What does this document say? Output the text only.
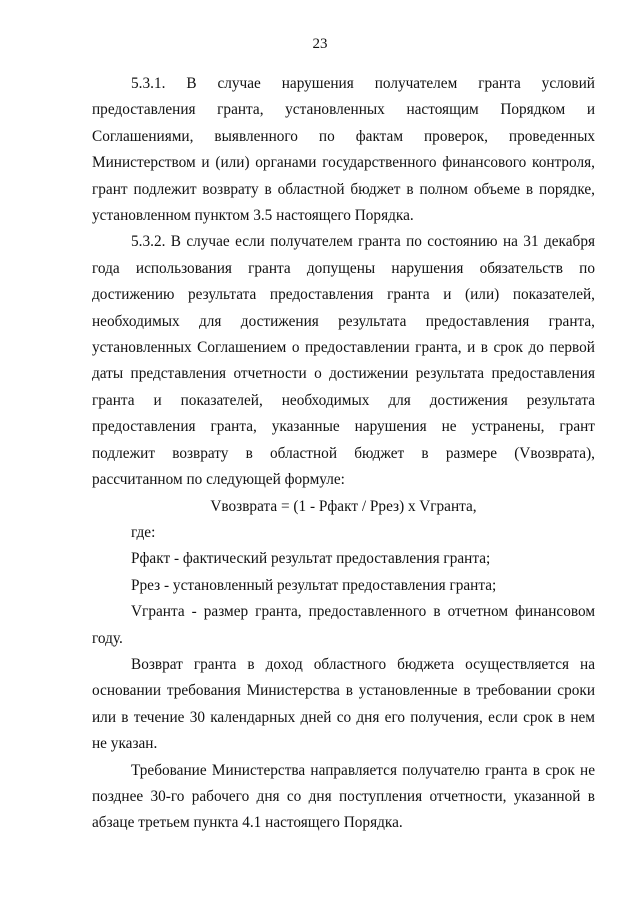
23

5.3.1. В случае нарушения получателем гранта условий предоставления гранта, установленных настоящим Порядком и Соглашениями, выявленного по фактам проверок, проведенных Министерством и (или) органами государственного финансового контроля, грант подлежит возврату в областной бюджет в полном объеме в порядке, установленном пунктом 3.5 настоящего Порядка.

5.3.2. В случае если получателем гранта по состоянию на 31 декабря года использования гранта допущены нарушения обязательств по достижению результата предоставления гранта и (или) показателей, необходимых для достижения результата предоставления гранта, установленных Соглашением о предоставлении гранта, и в срок до первой даты представления отчетности о достижении результата предоставления гранта и показателей, необходимых для достижения результата предоставления гранта, указанные нарушения не устранены, грант подлежит возврату в областной бюджет в размере (Vвозврата), рассчитанном по следующей формуле:

Vвозврата = (1 - Рфакт / Ррез) x Vгранта,

где:

Рфакт - фактический результат предоставления гранта;

Ррез - установленный результат предоставления гранта;

Vгранта - размер гранта, предоставленного в отчетном финансовом году.

Возврат гранта в доход областного бюджета осуществляется на основании требования Министерства в установленные в требовании сроки или в течение 30 календарных дней со дня его получения, если срок в нем не указан.

Требование Министерства направляется получателю гранта в срок не позднее 30-го рабочего дня со дня поступления отчетности, указанной в абзаце третьем пункта 4.1 настоящего Порядка.
